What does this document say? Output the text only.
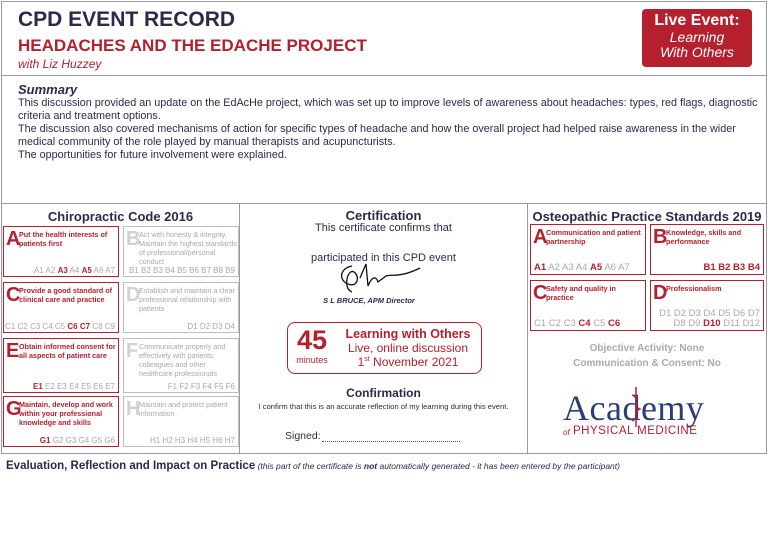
CPD EVENT RECORD
HEADACHES AND THE EDACHE PROJECT
with Liz Huzzey
Live Event:
Learning
With Others
Summary
This discussion provided an update on the EdAcHe project, which was set up to improve levels of awareness about headaches: types, red flags, diagnostic criteria and treatment options.
The discussion also covered mechanisms of action for specific types of headache and how the overall project had helped raise awareness in the wider medical community of the role played by manual therapists and acupuncturists.
The opportunities for future involvement were explained.
Chiropractic Code 2016
A
Put the health interests of patients first
A1 A2 A3 A4 A5 A6 A7
B
Act with honesty & integrity. Maintain the highest standards of professional/personal conduct
B1 B2 B3 B4 B5 B6 B7 B8 B9
C
Provide a good standard of clinical care and practice
C1 C2 C3 C4 C5 C6 C7 C8 C9
D
Establish and maintain a clear professional relationship with patients
D1 D2 D3 D4
E Obtain informed consent for all aspects of patient care
E1 E2 E3 E4 E5 E6 E7
F Communicate properly and effectively with patients, colleagues and other healthcare professionals
F1 F2 F3 F4 F5 F6
G
Maintain, develop and work within your professional knowledge and skills
G1 G2 G3 G4 G5 G6
H
Maintain and protect patient information
H1 H2 H3 H4 H5 H6 H7
Certification
This certificate confirms that
participated in this CPD event
S L BRUCE, APM Director
45
minutes
Learning with Others
Live, online discussion
1st November 2021
Confirmation
I confirm that this is an accurate reflection of my learning during this event.
Signed:
Osteopathic Practice Standards 2019
A
Communication and patient partnership
A1 A2 A3 A4 A5 A6 A7
B
Knowledge, skills and performance
B1 B2 B3 B4
C
Safety and quality in practice
C1 C2 C3 C4 C5 C6
D
Professionalism
D1 D2 D3 D4 D5 D6 D7 D8 D9 D10 D11 D12
Objective Activity: None
Communication & Consent: No
Academy
of PHYSICAL MEDICINE
Evaluation, Reflection and Impact on Practice (this part of the certificate is not automatically generated - it has been entered by the participant)
